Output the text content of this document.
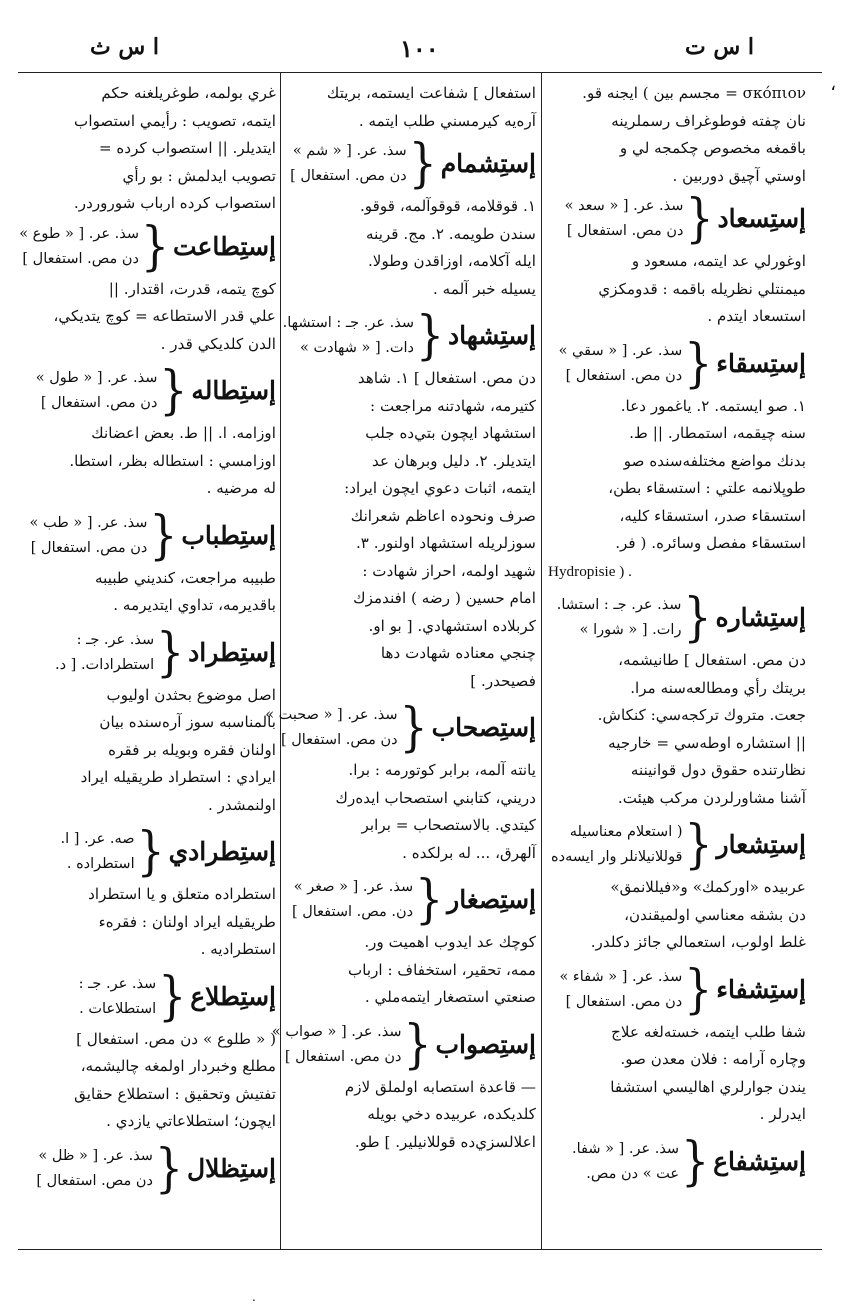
ا س ت
١٠٠
ا س ث
،
.
σκόπιον = مجسم بين ) ايجنه قو.
نان چفته فوطوغراف رسملرينه
باقمغه مخصوص چكمجه لي و
اوستي آچيق دوربين .
إستِسعاد
{
سذ. عر. [ « سعد »
دن مص. استفعال ]
اوغورلي عد ايتمه، مسعود و
ميمنتلي نظريله باقمه : قدومكزي
استسعاد ايتدم .
إستِسقاء
{
سذ. عر. [ « سقي »
دن مص. استفعال ]
١. صو ايستمه. ٢. ياغمور دعا.
سنه چيقمه، استمطار. || ط.
بدنك مواضع مختلفه‌سنده صو
طوپلانمه علتي : استسقاء بطن،
استسقاء صدر، استسقاء كليه،
استسقاء مفصل وسائره. ( فر.
Hydropisie ) .
إستِشاره
{
سذ. عر. جـ : استشا.
رات. [ « شورا »
دن مص. استفعال ] طانيشمه،
بريتك رأي ومطالعه‌سنه مرا.
جعت. متروك تركجه‌سي: كنكاش.
|| استشاره اوطه‌سي = خارجيه
نظارتنده حقوق دول قوانيننه
آشنا مشاورلردن مركب هيئت.
إستِشعار
{
( استعلام معناسيله
قوللانيلانلر وار ايسه‌ده
عربيده «اوركمك» و«فيللانمق»
دن بشقه معناسي اولميقندن،
غلط اولوب، استعمالي جائز دكلدر.
إستِشفاء
{
سذ. عر. [ « شفاء »
دن مص. استفعال ]
شفا طلب ايتمه، خسته‌لغه علاج
وچاره آرامه : فلان معدن صو.
يندن جوارلري اهاليسي استشفا
ايدرلر .
إستِشفاع
{
سذ. عر. [ « شفا.
عت » دن مص.
استفعال ] شفاعت ايستمه، بريتك
آره‌يه كيرمسني طلب ايتمه .
إستِشمام
{
سذ. عر. [ « شم »
دن مص. استفعال ]
١. قوقلامه، قوقوآلمه، قوقو.
سندن طويمه. ٢. مج. قرينه
ايله آكلامه، اوزاقدن وطولا.
يسيله خبر آلمه .
إستِشهاد
{
سذ. عر. جـ : استشها.
دات. [ « شهادت »
دن مص. استفعال ] ١. شاهد
كتيرمه، شهادتنه مراجعت :
استشهاد ايچون بتي‌ده جلب
ايتديلر. ٢. دليل وبرهان عد
ايتمه، اثبات دعوي ايچون ايراد:
صرف ونحوده اعاظم شعرانك
سوزلريله استشهاد اولنور. ٣.
شهيد اولمه، احراز شهادت :
امام حسين ( رضه ) افندمزك
كربلاده استشهادي. [ بو او.
چنجي معناده شهادت دها
فصيحدر. ]
إستِصحاب
{
سذ. عر. [ « صحبت »
دن مص. استفعال ]
يانته آلمه، برابر كوتورمه : برا.
دريني، كتابني استصحاب ايده‌رك
كيتدي. بالاستصحاب = برابر
آلهرق، ... له برلكده .
إستِصغار
{
سذ. عر. [ « صغر »
دن. مص. استفعال ]
كوچك عد ايدوب اهميت ور.
ممه، تحقير، استخفاف : ارباب
صنعتي استصغار ايتمه‌ملي .
إستِصواب
{
سذ. عر. [ « صواب »
دن مص. استفعال ]
— قاعدة استصابه اولملق لازم
كلديكده، عربيده دخي بويله
اعلالسزي‌ده قوللانيلير. ] طو.
غري بولمه، طوغريلغنه حكم
ايتمه، تصويب : رأيمي استصواب
ايتديلر. || استصواب كرده =
تصويب ايدلمش : بو رأي
استصواب كرده ارباب شوروردر.
إستِطاعت
{
سذ. عر. [ « طوع »
دن مص. استفعال ]
كوچ يتمه، قدرت، اقتدار. ||
علي قدر الاستطاعه = كوچ يتديكي،
الدن كلديكي قدر .
إستِطاله
{
سذ. عر. [ « طول »
دن مص. استفعال ]
اوزامه. ا. || ط. بعض اعضانك
اوزامسي : استطاله بظر، استطا.
له مرضيه .
إستِطباب
{
سذ. عر. [ « طب »
دن مص. استفعال ]
طبيبه مراجعت، كنديني طبيبه
باقديرمه، تداوي ايتديرمه .
إستِطراد
{
سذ. عر. جـ :
استطرادات. [ د.
اصل موضوع بحثدن اوليوب
بالمناسبه سوز آره‌سنده بيان
اولنان فقره وبويله بر فقره
ايرادي : استطراد طريقيله ايراد
اولنمشدر .
إستِطرادي
{
صه. عر. [ ا.
استطراده .
استطراده متعلق و يا استطراد
طريقيله ايراد اولنان : فقره‌ء
استطراديه .
إستِطلاع
{
سذ. عر. جـ :
استطلاعات .
( « طلوع » دن مص. استفعال ]
مطلع وخبردار اولمغه چاليشمه،
تفتيش وتحقيق : استطلاع حقايق
ايچون؛ استطلاعاتي يازدي .
إستِظلال
{
سذ. عر. [ « ظل »
دن مص. استفعال ]
